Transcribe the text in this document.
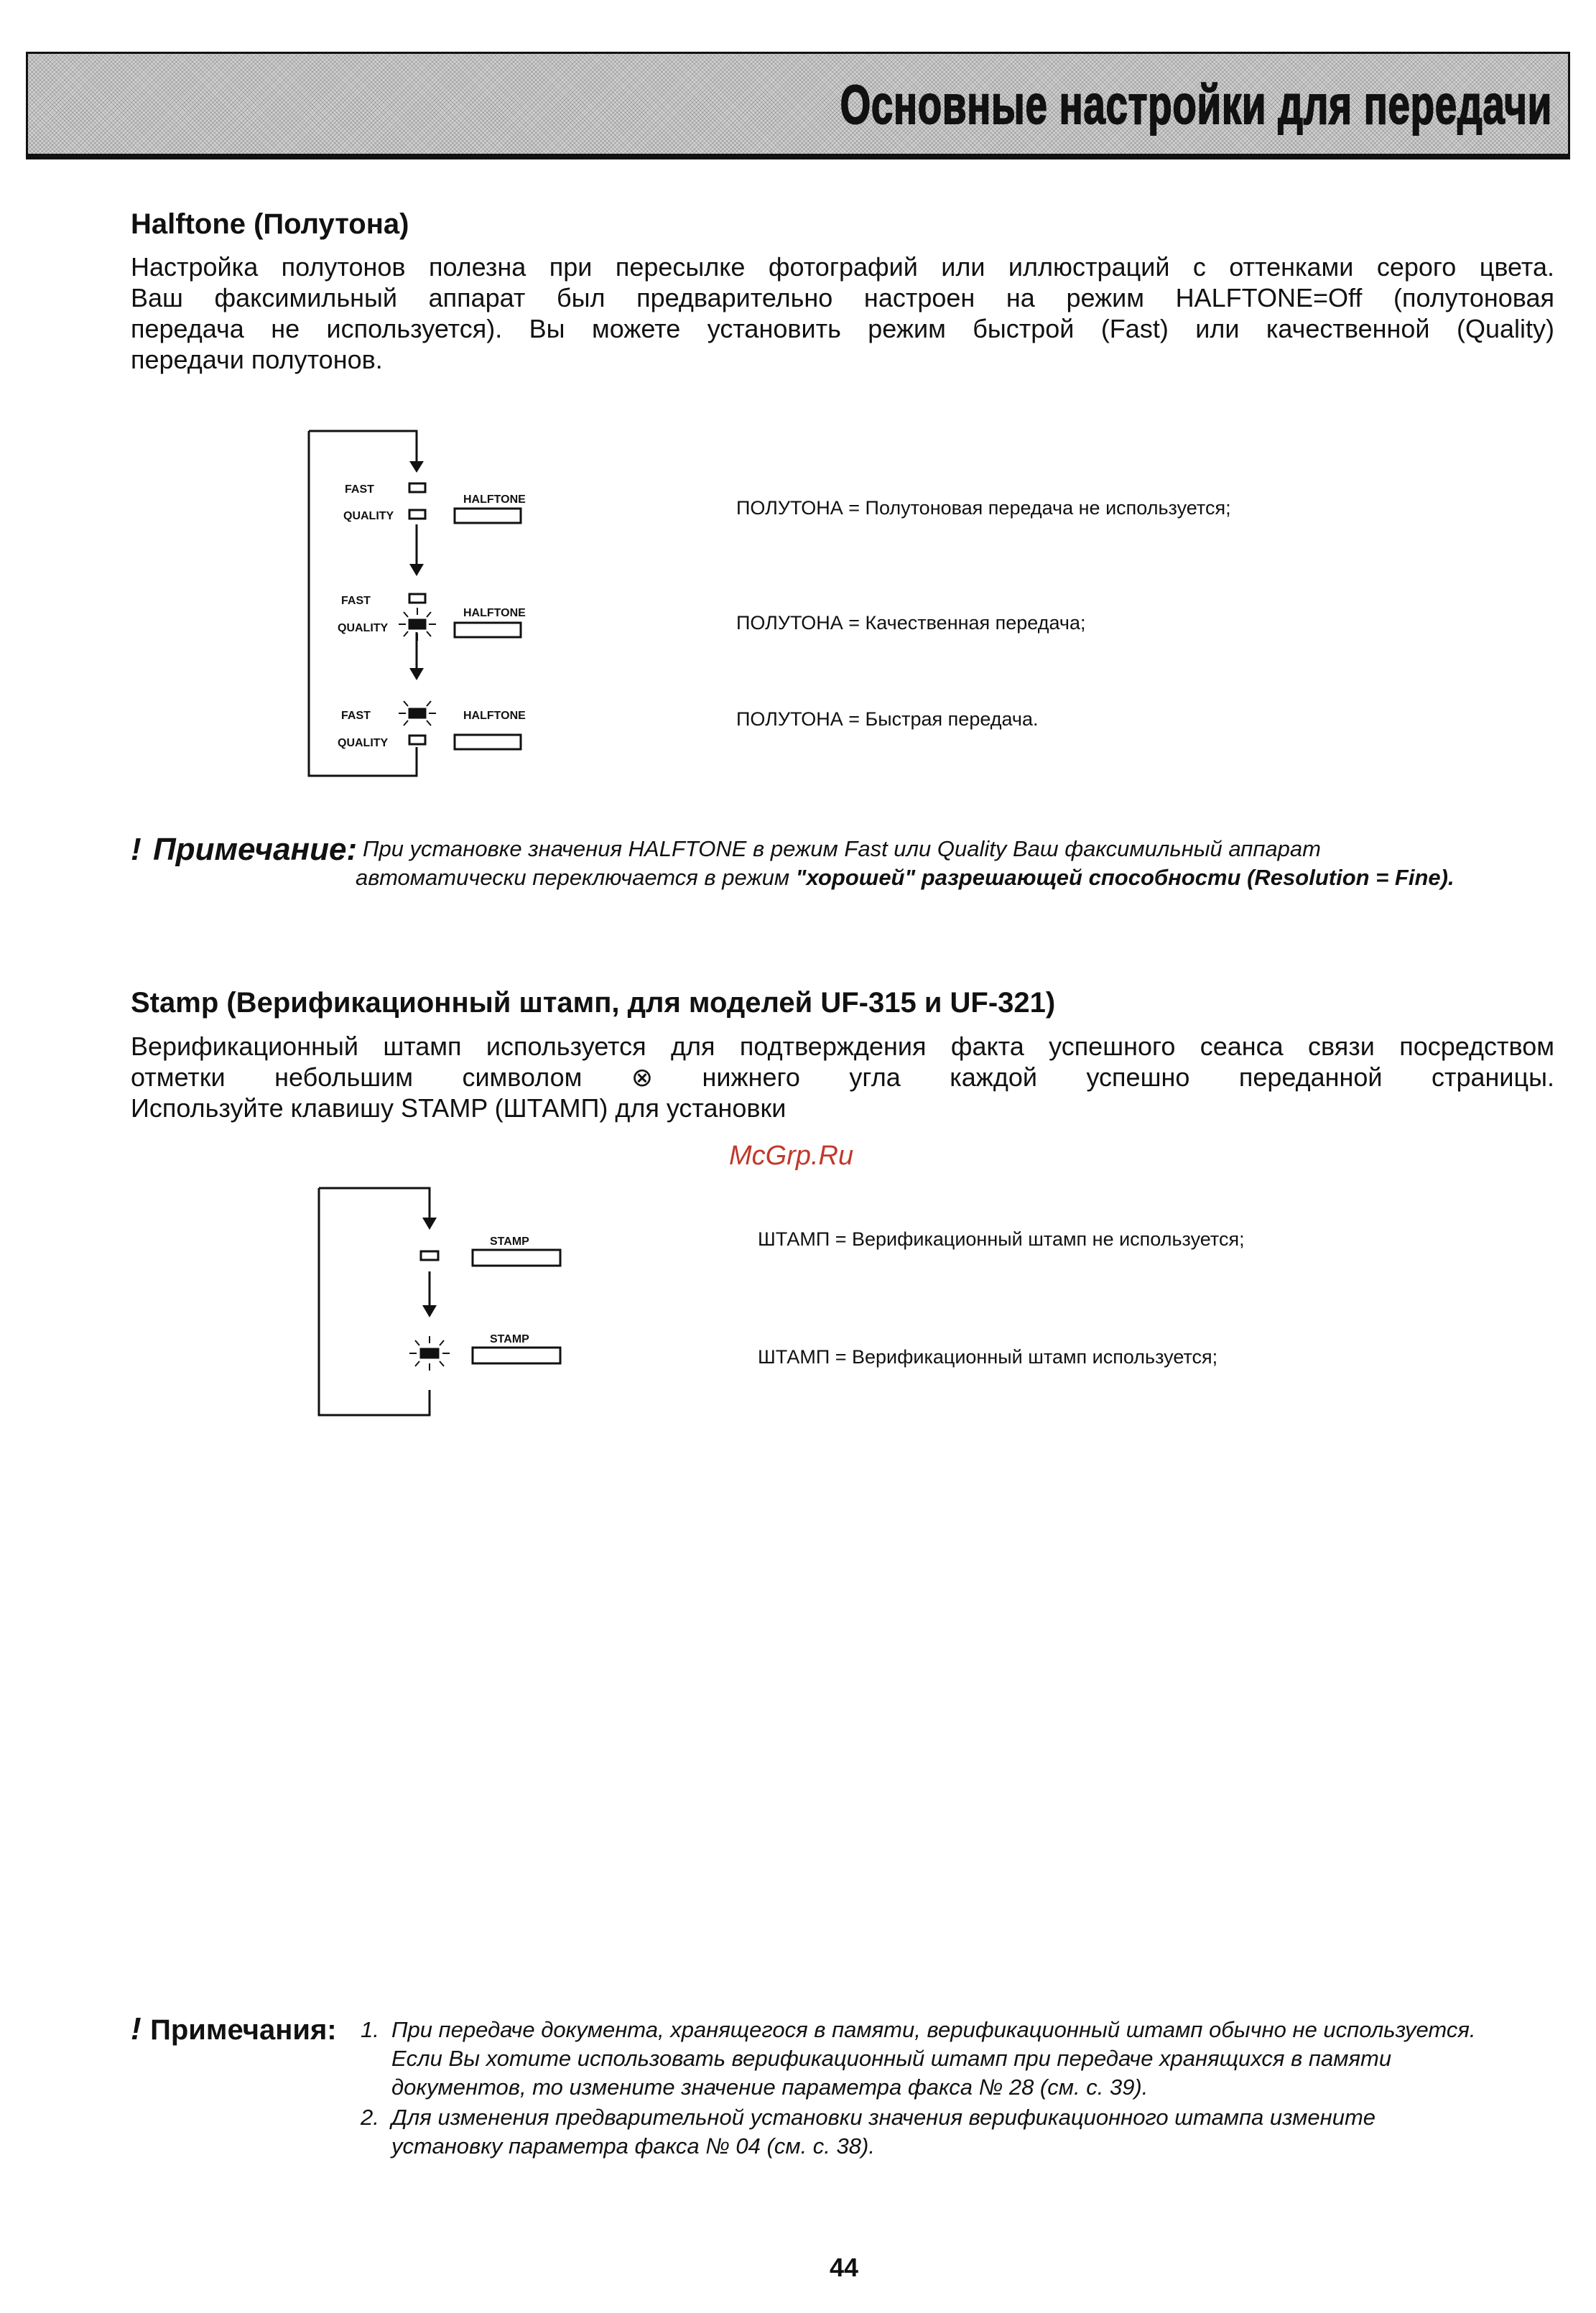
Основные настройки для передачи
Halftone (Полутона)
Настройка полутонов полезна при пересылке фотографий или иллюстраций с оттенками серого цвета.
Ваш факсимильный аппарат был предварительно настроен на режим HALFTONE=Off (полутоновая
передача не используется). Вы можете установить режим быстрой (Fast) или качественной (Quality)
передачи полутонов.
FAST
QUALITY
HALFTONE
FAST
QUALITY
HALFTONE
FAST
QUALITY
HALFTONE
ПОЛУТОНА = Полутоновая передача не используется;
ПОЛУТОНА = Качественная передача;
ПОЛУТОНА = Быстрая передача.
! Примечание: При установке значения HALFTONE в режим Fast или Quality Ваш факсимильный аппарат
автоматически переключается в режим "хорошей" разрешающей способности (Resolution = Fine).
Stamp (Верификационный штамп, для моделей UF-315 и UF-321)
Верификационный штамп используется для подтверждения факта успешного сеанса связи посредством
отметки небольшим символом ⊗ нижнего угла каждой успешно переданной страницы.
Используйте клавишу STAMP (ШТАМП) для установки
McGrp.Ru
STAMP
STAMP
ШТАМП = Верификационный штамп не используется;
ШТАМП = Верификационный штамп используется;
! Примечания: 1. При передаче документа, хранящегося в памяти, верификационный штамп обычно не используется.
Если Вы хотите использовать верификационный штамп при передаче хранящихся в памяти
документов, то измените значение параметра факса № 28 (см. с. 39).
2. Для изменения предварительной установки значения верификационного штампа измените
установку параметра факса № 04 (см. с. 38).
44
